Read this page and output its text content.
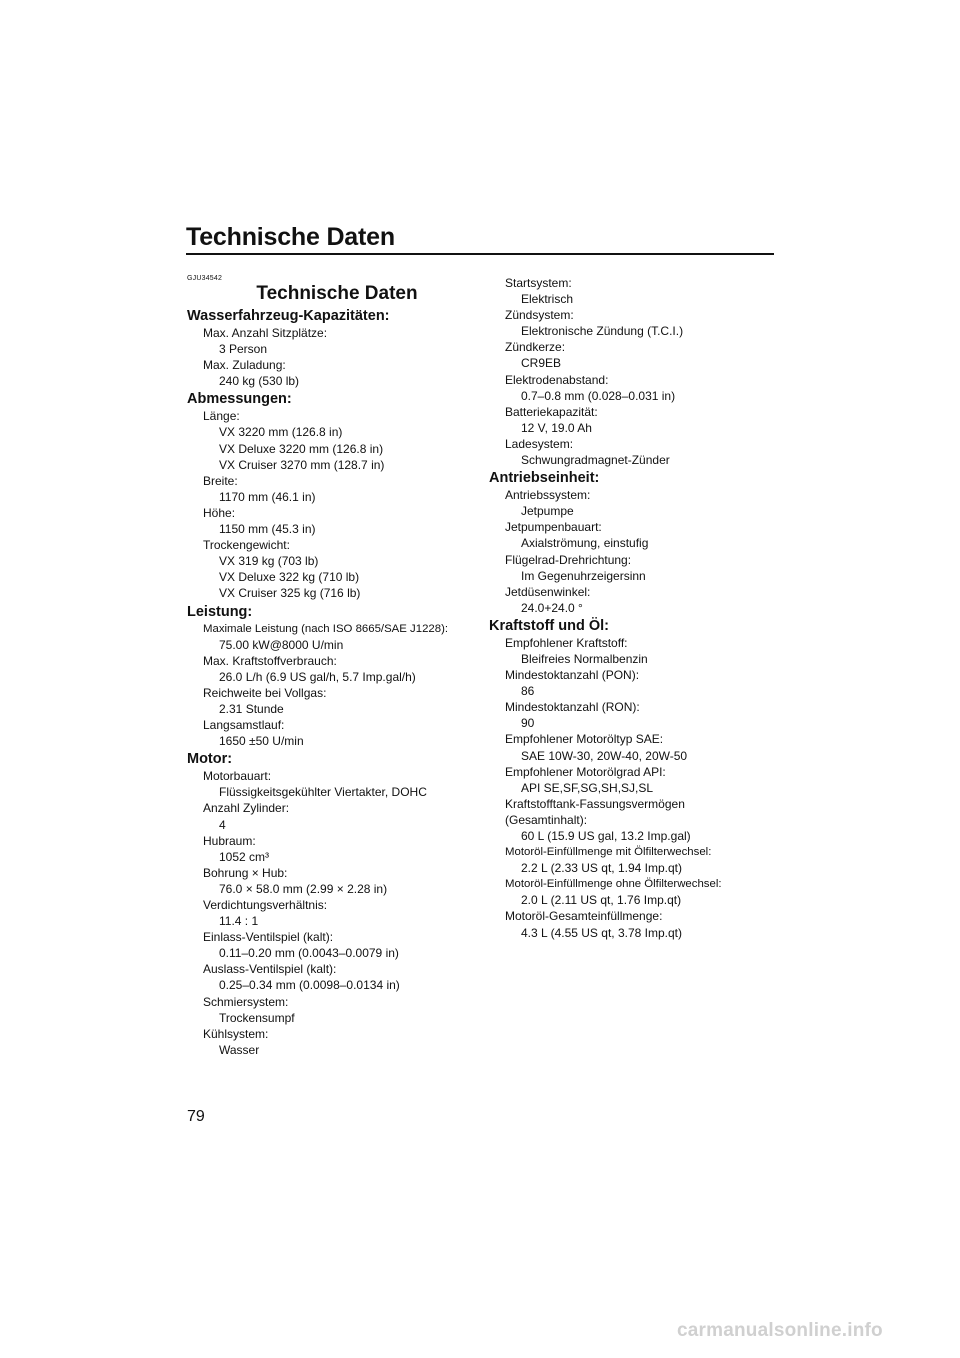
Technische Daten
GJU34542
Technische Daten
Wasserfahrzeug-Kapazitäten:
Max. Anzahl Sitzplätze:
3 Person
Max. Zuladung:
240 kg (530 lb)
Abmessungen:
Länge:
VX 3220 mm (126.8 in)
VX Deluxe 3220 mm (126.8 in)
VX Cruiser 3270 mm (128.7 in)
Breite:
1170 mm (46.1 in)
Höhe:
1150 mm (45.3 in)
Trockengewicht:
VX 319 kg (703 lb)
VX Deluxe 322 kg (710 lb)
VX Cruiser 325 kg (716 lb)
Leistung:
Maximale Leistung (nach ISO 8665/SAE J1228):
75.00 kW@8000 U/min
Max. Kraftstoffverbrauch:
26.0 L/h (6.9 US gal/h, 5.7 Imp.gal/h)
Reichweite bei Vollgas:
2.31 Stunde
Langsamstlauf:
1650 ±50 U/min
Motor:
Motorbauart:
Flüssigkeitsgekühlter Viertakter, DOHC
Anzahl Zylinder:
4
Hubraum:
1052 cm³
Bohrung × Hub:
76.0 × 58.0 mm (2.99 × 2.28 in)
Verdichtungsverhältnis:
11.4 : 1
Einlass-Ventilspiel (kalt):
0.11–0.20 mm (0.0043–0.0079 in)
Auslass-Ventilspiel (kalt):
0.25–0.34 mm (0.0098–0.0134 in)
Schmiersystem:
Trockensumpf
Kühlsystem:
Wasser
Startsystem:
Elektrisch
Zündsystem:
Elektronische Zündung (T.C.I.)
Zündkerze:
CR9EB
Elektrodenabstand:
0.7–0.8 mm (0.028–0.031 in)
Batteriekapazität:
12 V, 19.0 Ah
Ladesystem:
Schwungradmagnet-Zünder
Antriebseinheit:
Antriebssystem:
Jetpumpe
Jetpumpenbauart:
Axialströmung, einstufig
Flügelrad-Drehrichtung:
Im Gegenuhrzeigersinn
Jetdüsenwinkel:
24.0+24.0 °
Kraftstoff und Öl:
Empfohlener Kraftstoff:
Bleifreies Normalbenzin
Mindestoktanzahl (PON):
86
Mindestoktanzahl (RON):
90
Empfohlener Motoröltyp SAE:
SAE 10W-30, 20W-40, 20W-50
Empfohlener Motorölgrad API:
API SE,SF,SG,SH,SJ,SL
Kraftstofftank-Fassungsvermögen
(Gesamtinhalt):
60 L (15.9 US gal, 13.2 Imp.gal)
Motoröl-Einfüllmenge mit Ölfilterwechsel:
2.2 L (2.33 US qt, 1.94 Imp.qt)
Motoröl-Einfüllmenge ohne Ölfilterwechsel:
2.0 L (2.11 US qt, 1.76 Imp.qt)
Motoröl-Gesamteinfüllmenge:
4.3 L (4.55 US qt, 3.78 Imp.qt)
79
carmanualsonline.info
